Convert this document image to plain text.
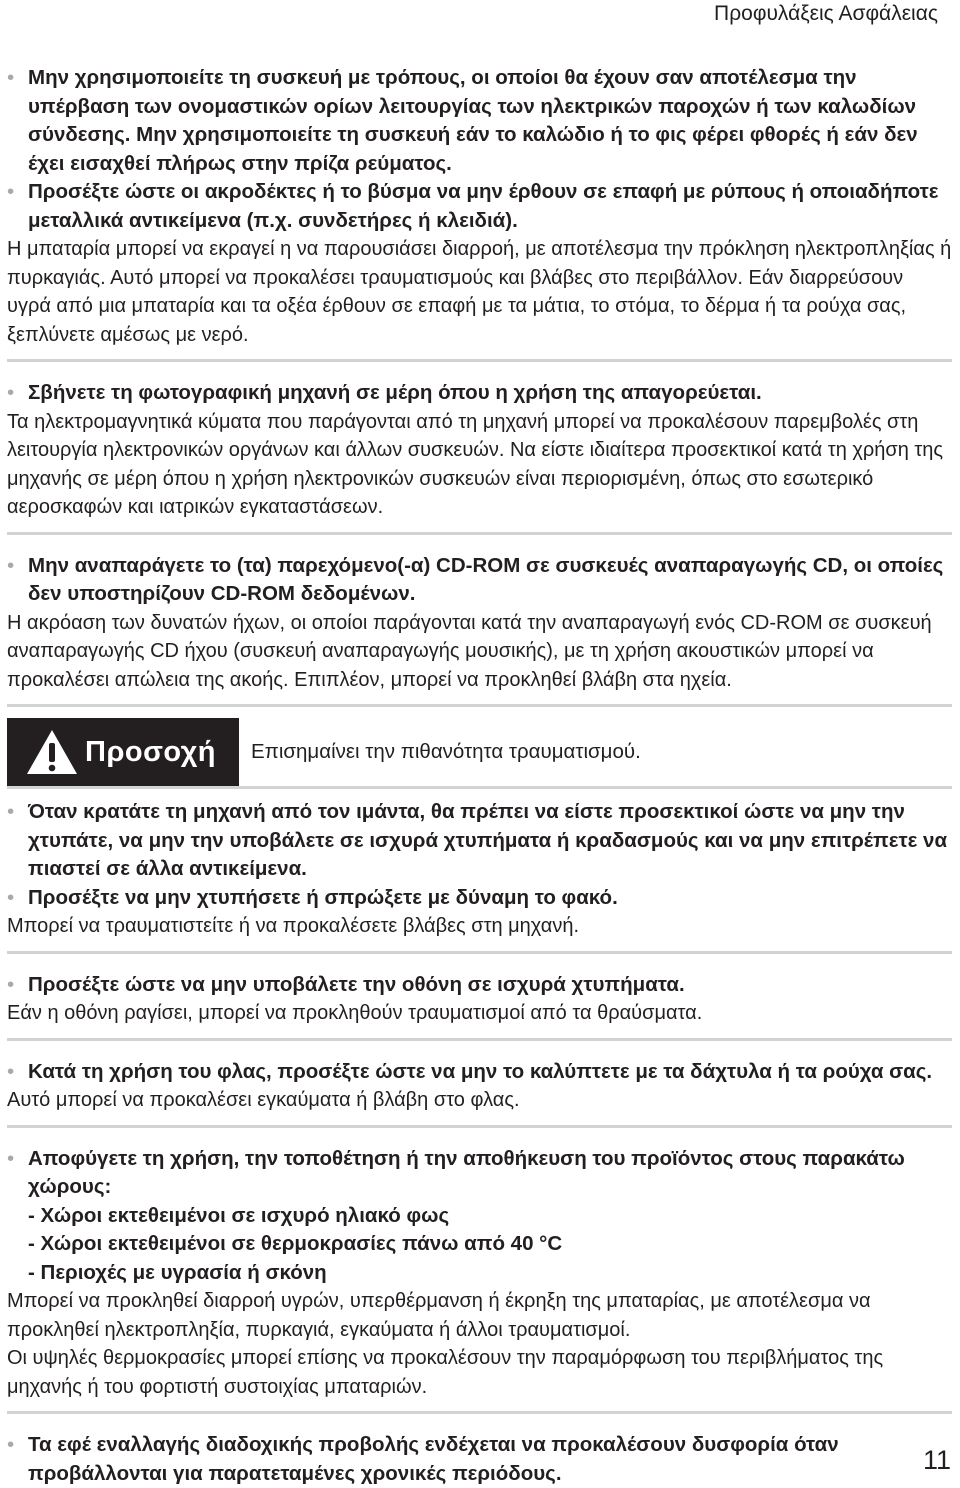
Προφυλάξεις Ασφάλειας
• Μην χρησιμοποιείτε τη συσκευή με τρόπους, οι οποίοι θα έχουν σαν αποτέλεσμα την υπέρβαση των ονομαστικών ορίων λειτουργίας των ηλεκτρικών παροχών ή των καλωδίων σύνδεσης. Μην χρησιμοποιείτε τη συσκευή εάν το καλώδιο ή το φις φέρει φθορές ή εάν δεν έχει εισαχθεί πλήρως στην πρίζα ρεύματος.
• Προσέξτε ώστε οι ακροδέκτες ή το βύσμα να μην έρθουν σε επαφή με ρύπους ή οποιαδήποτε μεταλλικά αντικείμενα (π.χ. συνδετήρες ή κλειδιά).
Η μπαταρία μπορεί να εκραγεί η να παρουσιάσει διαρροή, με αποτέλεσμα την πρόκληση ηλεκτροπληξίας ή πυρκαγιάς. Αυτό μπορεί να προκαλέσει τραυματισμούς και βλάβες στο περιβάλλον. Εάν διαρρεύσουν υγρά από μια μπαταρία και τα οξέα έρθουν σε επαφή με τα μάτια, το στόμα, το δέρμα ή τα ρούχα σας, ξεπλύνετε αμέσως με νερό.
• Σβήνετε τη φωτογραφική μηχανή σε μέρη όπου η χρήση της απαγορεύεται.
Τα ηλεκτρομαγνητικά κύματα που παράγονται από τη μηχανή μπορεί να προκαλέσουν παρεμβολές στη λειτουργία ηλεκτρονικών οργάνων και άλλων συσκευών. Να είστε ιδιαίτερα προσεκτικοί κατά τη χρήση της μηχανής σε μέρη όπου η χρήση ηλεκτρονικών συσκευών είναι περιορισμένη, όπως στο εσωτερικό αεροσκαφών και ιατρικών εγκαταστάσεων.
• Μην αναπαράγετε το (τα) παρεχόμενο(-α) CD-ROM σε συσκευές αναπαραγωγής CD, οι οποίες δεν υποστηρίζουν CD-ROM δεδομένων.
Η ακρόαση των δυνατών ήχων, οι οποίοι παράγονται κατά την αναπαραγωγή ενός CD-ROM σε συσκευή αναπαραγωγής CD ήχου (συσκευή αναπαραγωγής μουσικής), με τη χρήση ακουστικών μπορεί να προκαλέσει απώλεια της ακοής. Επιπλέον, μπορεί να προκληθεί βλάβη στα ηχεία.
Προσοχή Επισημαίνει την πιθανότητα τραυματισμού.
• Όταν κρατάτε τη μηχανή από τον ιμάντα, θα πρέπει να είστε προσεκτικοί ώστε να μην την χτυπάτε, να μην την υποβάλετε σε ισχυρά χτυπήματα ή κραδασμούς και να μην επιτρέπετε να πιαστεί σε άλλα αντικείμενα.
• Προσέξτε να μην χτυπήσετε ή σπρώξετε με δύναμη το φακό.
Μπορεί να τραυματιστείτε ή να προκαλέσετε βλάβες στη μηχανή.
• Προσέξτε ώστε να μην υποβάλετε την οθόνη σε ισχυρά χτυπήματα.
Εάν η οθόνη ραγίσει, μπορεί να προκληθούν τραυματισμοί από τα θραύσματα.
• Κατά τη χρήση του φλας, προσέξτε ώστε να μην το καλύπτετε με τα δάχτυλα ή τα ρούχα σας.
Αυτό μπορεί να προκαλέσει εγκαύματα ή βλάβη στο φλας.
• Αποφύγετε τη χρήση, την τοποθέτηση ή την αποθήκευση του προϊόντος στους παρακάτω χώρους:
- Χώροι εκτεθειμένοι σε ισχυρό ηλιακό φως
- Χώροι εκτεθειμένοι σε θερμοκρασίες πάνω από 40 °C
- Περιοχές με υγρασία ή σκόνη
Μπορεί να προκληθεί διαρροή υγρών, υπερθέρμανση ή έκρηξη της μπαταρίας, με αποτέλεσμα να προκληθεί ηλεκτροπληξία, πυρκαγιά, εγκαύματα ή άλλοι τραυματισμοί.
Οι υψηλές θερμοκρασίες μπορεί επίσης να προκαλέσουν την παραμόρφωση του περιβλήματος της μηχανής ή του φορτιστή συστοιχίας μπαταριών.
• Τα εφέ εναλλαγής διαδοχικής προβολής ενδέχεται να προκαλέσουν δυσφορία όταν προβάλλονται για παρατεταμένες χρονικές περιόδους.	11
